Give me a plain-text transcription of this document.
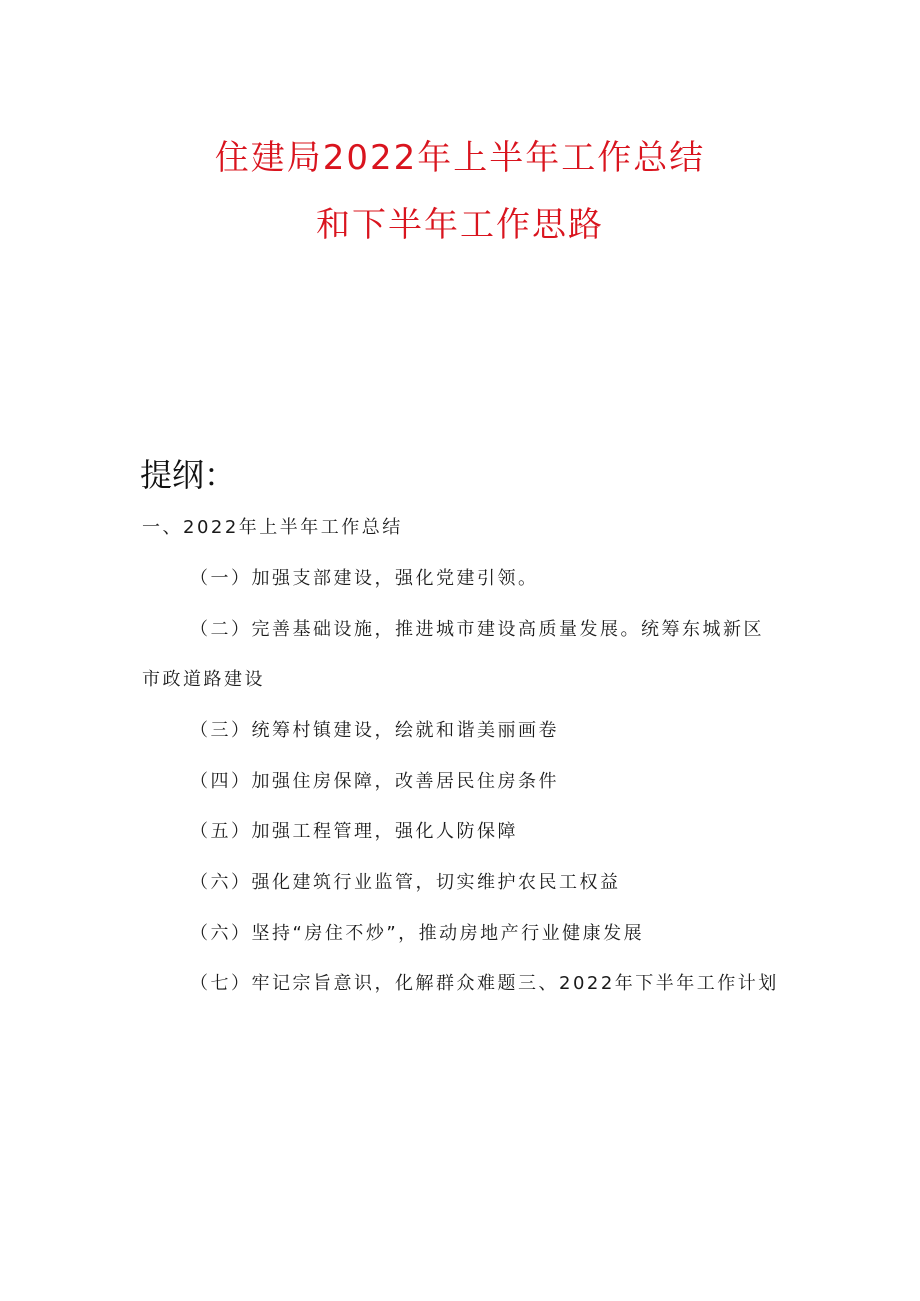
住建局2022年上半年工作总结
和下半年工作思路
提纲：
一、2022年上半年工作总结
（一）加强支部建设，强化党建引领。
（二）完善基础设施，推进城市建设高质量发展。统筹东城新区
市政道路建设
（三）统筹村镇建设，绘就和谐美丽画卷
（四）加强住房保障，改善居民住房条件
（五）加强工程管理，强化人防保障
（六）强化建筑行业监管，切实维护农民工权益
（六）坚持“房住不炒”，推动房地产行业健康发展
（七）牢记宗旨意识，化解群众难题三、2022年下半年工作计划
